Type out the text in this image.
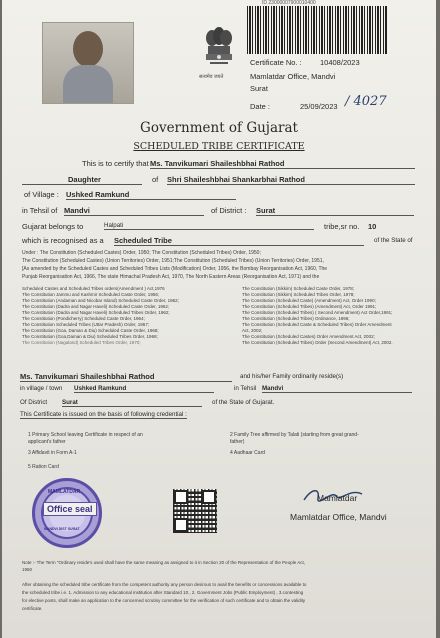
सत्यमेव जयते
ID 23000007900010400
Certificate No. : 10408/2023
Mamlatdar Office, Mandvi
Surat
Date :	25/09/2023 / 4027
Government of Gujarat
SCHEDULED TRIBE CERTIFICATE
This is to certify that Ms. Tanvikumari Shaileshbhai Rathod
Daughter	of Shri Shaileshbhai Shankarbhai Rathod
of Village : Ushked Ramkund
in Tehsil of Mandvi	of District : Surat
Gujarat belongs to	Halpati	tribe,sr no. 10
which is recognised as a Scheduled Tribe	of the State of
Under : The Constitution (Scheduled Castes) Order, 1950; The Constitution (Scheduled Tribes) Order, 1950;
The Constitution (Scheduled Castes) (Union Territories) Order, 1951;The Constitution (Scheduled Tribes) (Union Territories) Order, 1951,
[As amended by the Scheduled Castes and Scheduled Tribes Lists (Modification) Order, 1956, the Bombay Reorganisation Act, 1960, The
Punjab Reorganisation Act, 1966, The state Himachal Pradesh Act, 1970, The North Eastern Areas (Reorganisation Act, 1971) and the
Scheduled Castes and Scheduled Tribes orders(Amendment ) Act,1976
The Constitution Jammu and Kashmir Scheduled Caste Order, 1956;
The Constitution (Andaman and Nicobar Island) Scheduled Caste Order, 1962;
The Constitution (Dadra and Nagar Haveli) Scheduled Caste Order, 1962;
The Constitution (Dadra and Nagar Haveli) Scheduled Tribes Order, 1962;
The Constitution (Pondicherry) Scheduled Caste Order, 1964;
The Constitution Scheduled Tribes (Uttar Pradesh) Order, 1967;
The Constitution (Goa, Daman & Diu) Scheduled Caste Order, 1968;
The Constitution (Goa,Daman & Diu) Scheduled Tribes Order, 1968;
The Constitution (Nagaland) Scheduled Tribes Order, 1970;
The Constitution (Sikkim) Scheduled Caste Order, 1978;
The Constitution (Sikkim) Scheduled Tribes Order, 1978;
The Constitution (Scheduled Caste) (Amendment) Act, Order 1990;
The Constitution (Scheduled Tribes) (Amendment) Act, Order 1991;
The Constitution (Scheduled Tribes) ( Second Amendment) Act Order,1991;
The Constitution (Scheduled Tribes) Ordinance, 1996;
The Constitution (Scheduled Caste & Scheduled Tribes) Order Amendment
Act, 2002;
The Constitution (Scheduled Castes) Order Amendment Act, 2002;
The Constitution (Scheduled Tribes) Order (Second Amendment) Act, 2002.
Ms. Tanvikumari Shaileshbhai Rathod	and his/her Family ordinarily reside(s)
in village / town Ushked Ramkund	in Tehsil Mandvi
Of District Surat	of the State of Gujarat.
This Certificate is issued on the basis of following credential :
1 Primary School leaving Certificate in respect of an
applicant's father
3 Affidavit in Form A-1
5 Ration Card
2 Family Tree affirmed by Talati (starting from great grand-
father)
4 Aadhaar Card
MAMLATDAR
MANDVI DIST SURAT
Office seal
Mamlatdar
Mamlatdar Office, Mandvi
Note :- The Term "Ordinary reside's used shall have the same meaning as assigned to it in Section 20 of the Representation of the People Act,
1950
After obtaining the scheduled tribe certificate from the competent authority any person desirous to avail the benefits or concessions available to
the scheduled tribe i.e. 1. Admission to any educational institution after Standard 10., 2. Government Jobs (Public Employment) , 3.contesting
for elective posts, shall make an application to the concerned scrutiny committee for the verification of such certificate and to obtain the validity
certificate.
